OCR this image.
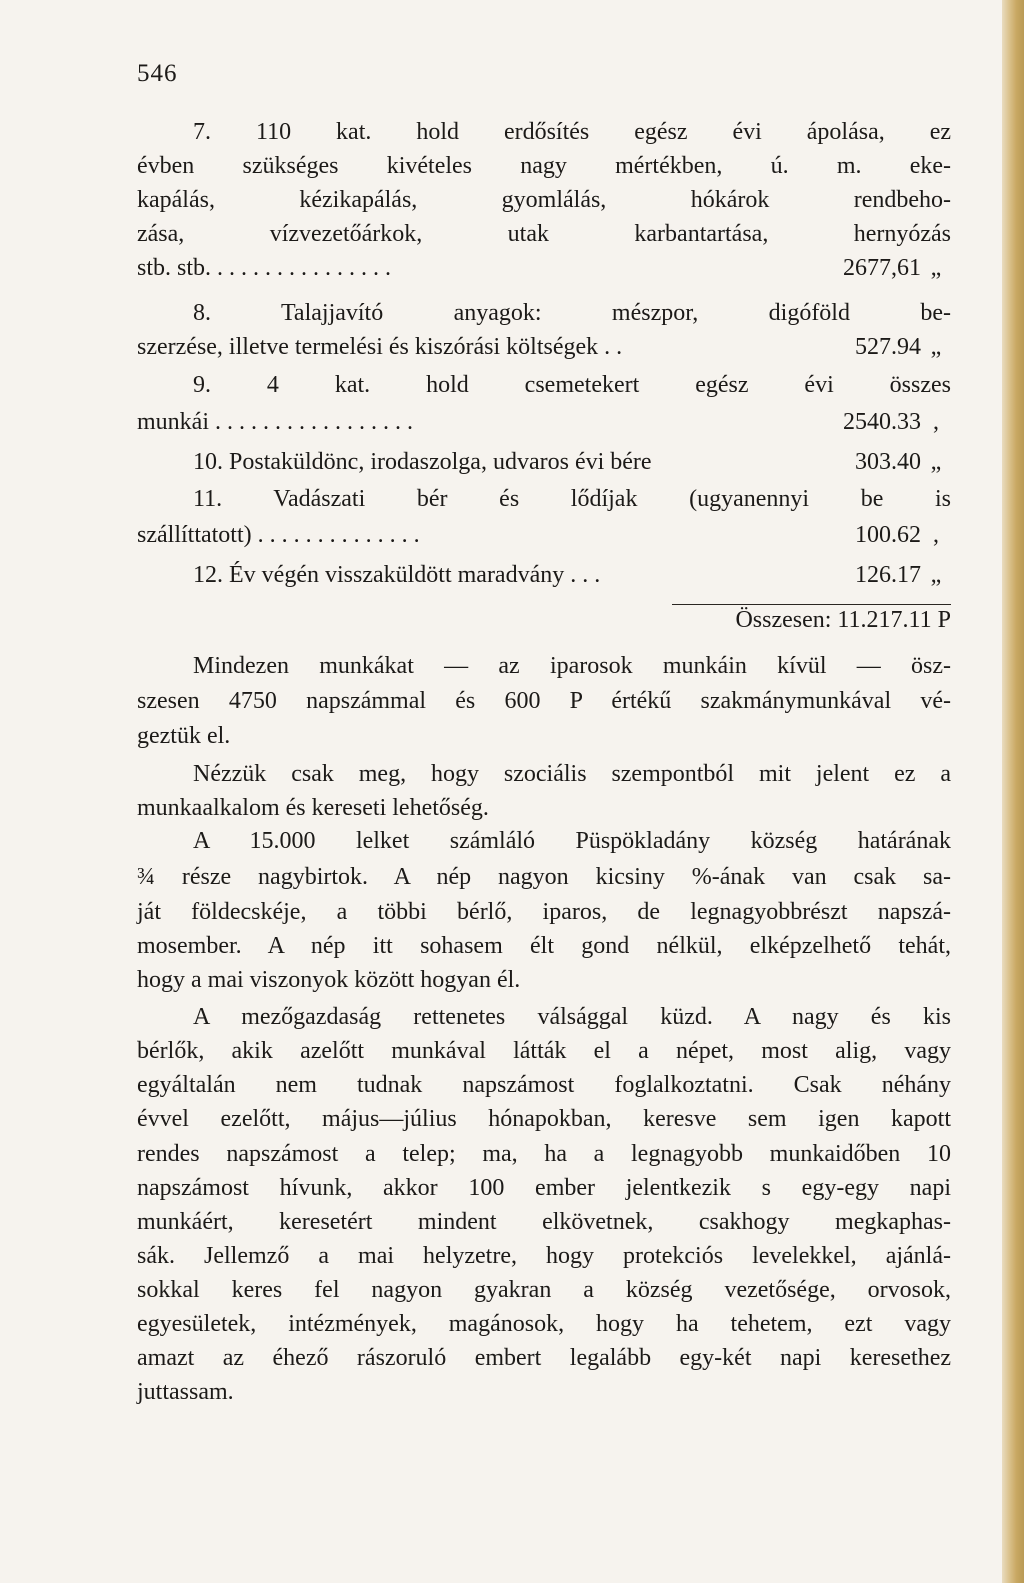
546
7. 110 kat. hold erdősítés egész évi ápolása, ez
évben szükséges kivételes nagy mértékben, ú. m. eke-
kapálás, kézikapálás, gyomlálás, hókárok rendbeho-
zása, vízvezetőárkok, utak karbantartása, hernyózás
stb. stb. . . . . . . . . . . . . . . .	2677,61 „
8. Talajjavító anyagok: mészpor, digóföld be-
szerzése, illetve termelési és kiszórási költségek . .	527.94 „
9. 4 kat. hold csemetekert egész évi összes
munkái . . . . . . . . . . . . . . . . .	2540.33 ,
10. Postaküldönc, irodaszolga, udvaros évi bére	303.40 „
11. Vadászati bér és lődíjak (ugyanennyi be is
szállíttatott) . . . . . . . . . . . . . .	100.62 ,
12. Év végén visszaküldött maradvány . . .	126.17 „
Összesen: 11.217.11 P
Mindezen munkákat — az iparosok munkáin kívül — ösz-
szesen 4750 napszámmal és 600 P értékű szakmánymunkával vé-
geztük el.
Nézzük csak meg, hogy szociális szempontból mit jelent ez a
munkaalkalom és kereseti lehetőség.
A 15.000 lelket számláló Püspökladány község határának
¾ része nagybirtok. A nép nagyon kicsiny %-ának van csak sa-
ját földecskéje, a többi bérlő, iparos, de legnagyobbrészt napszá-
mosember. A nép itt sohasem élt gond nélkül, elképzelhető tehát,
hogy a mai viszonyok között hogyan él.
A mezőgazdaság rettenetes válsággal küzd. A nagy és kis
bérlők, akik azelőtt munkával látták el a népet, most alig, vagy
egyáltalán nem tudnak napszámost foglalkoztatni. Csak néhány
évvel ezelőtt, május—július hónapokban, keresve sem igen kapott
rendes napszámost a telep; ma, ha a legnagyobb munkaidőben 10
napszámost hívunk, akkor 100 ember jelentkezik s egy-egy napi
munkáért, keresetért mindent elkövetnek, csakhogy megkaphas-
sák. Jellemző a mai helyzetre, hogy protekciós levelekkel, ajánlá-
sokkal keres fel nagyon gyakran a község vezetősége, orvosok,
egyesületek, intézmények, magánosok, hogy ha tehetem, ezt vagy
amazt az éhező rászoruló embert legalább egy-két napi keresethez
juttassam.
